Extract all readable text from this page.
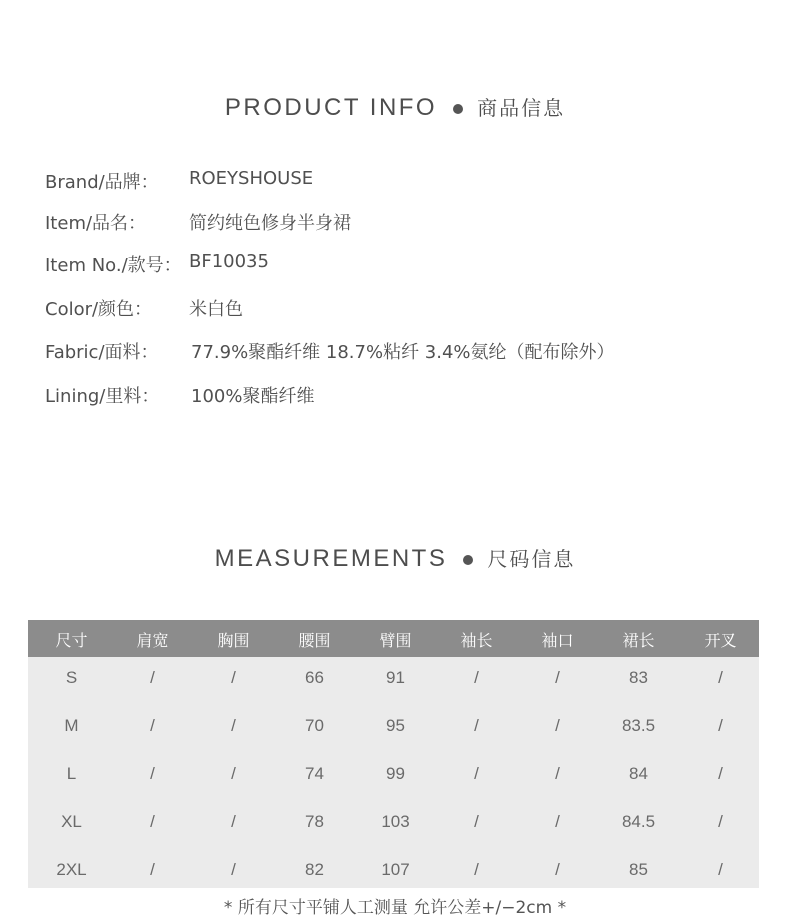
PRODUCT INFO 商品信息
Brand/品牌： ROEYSHOUSE
Item/品名： 简约纯色修身半身裙
Item No./款号： BF10035
Color/颜色： 米白色
Fabric/面料： 77.9%聚酯纤维 18.7%粘纤 3.4%氨纶（配布除外）
Lining/里料： 100%聚酯纤维
MEASUREMENTS 尺码信息
尺寸	肩宽	胸围	腰围	臂围	袖长	袖口	裙长	开叉
S	/	/	66	91	/	/	83	/
M	/	/	70	95	/	/	83.5	/
L	/	/	74	99	/	/	84	/
XL	/	/	78	103	/	/	84.5	/
2XL	/	/	82	107	/	/	85	/
* 所有尺寸平铺人工测量 允许公差+/−2cm *
